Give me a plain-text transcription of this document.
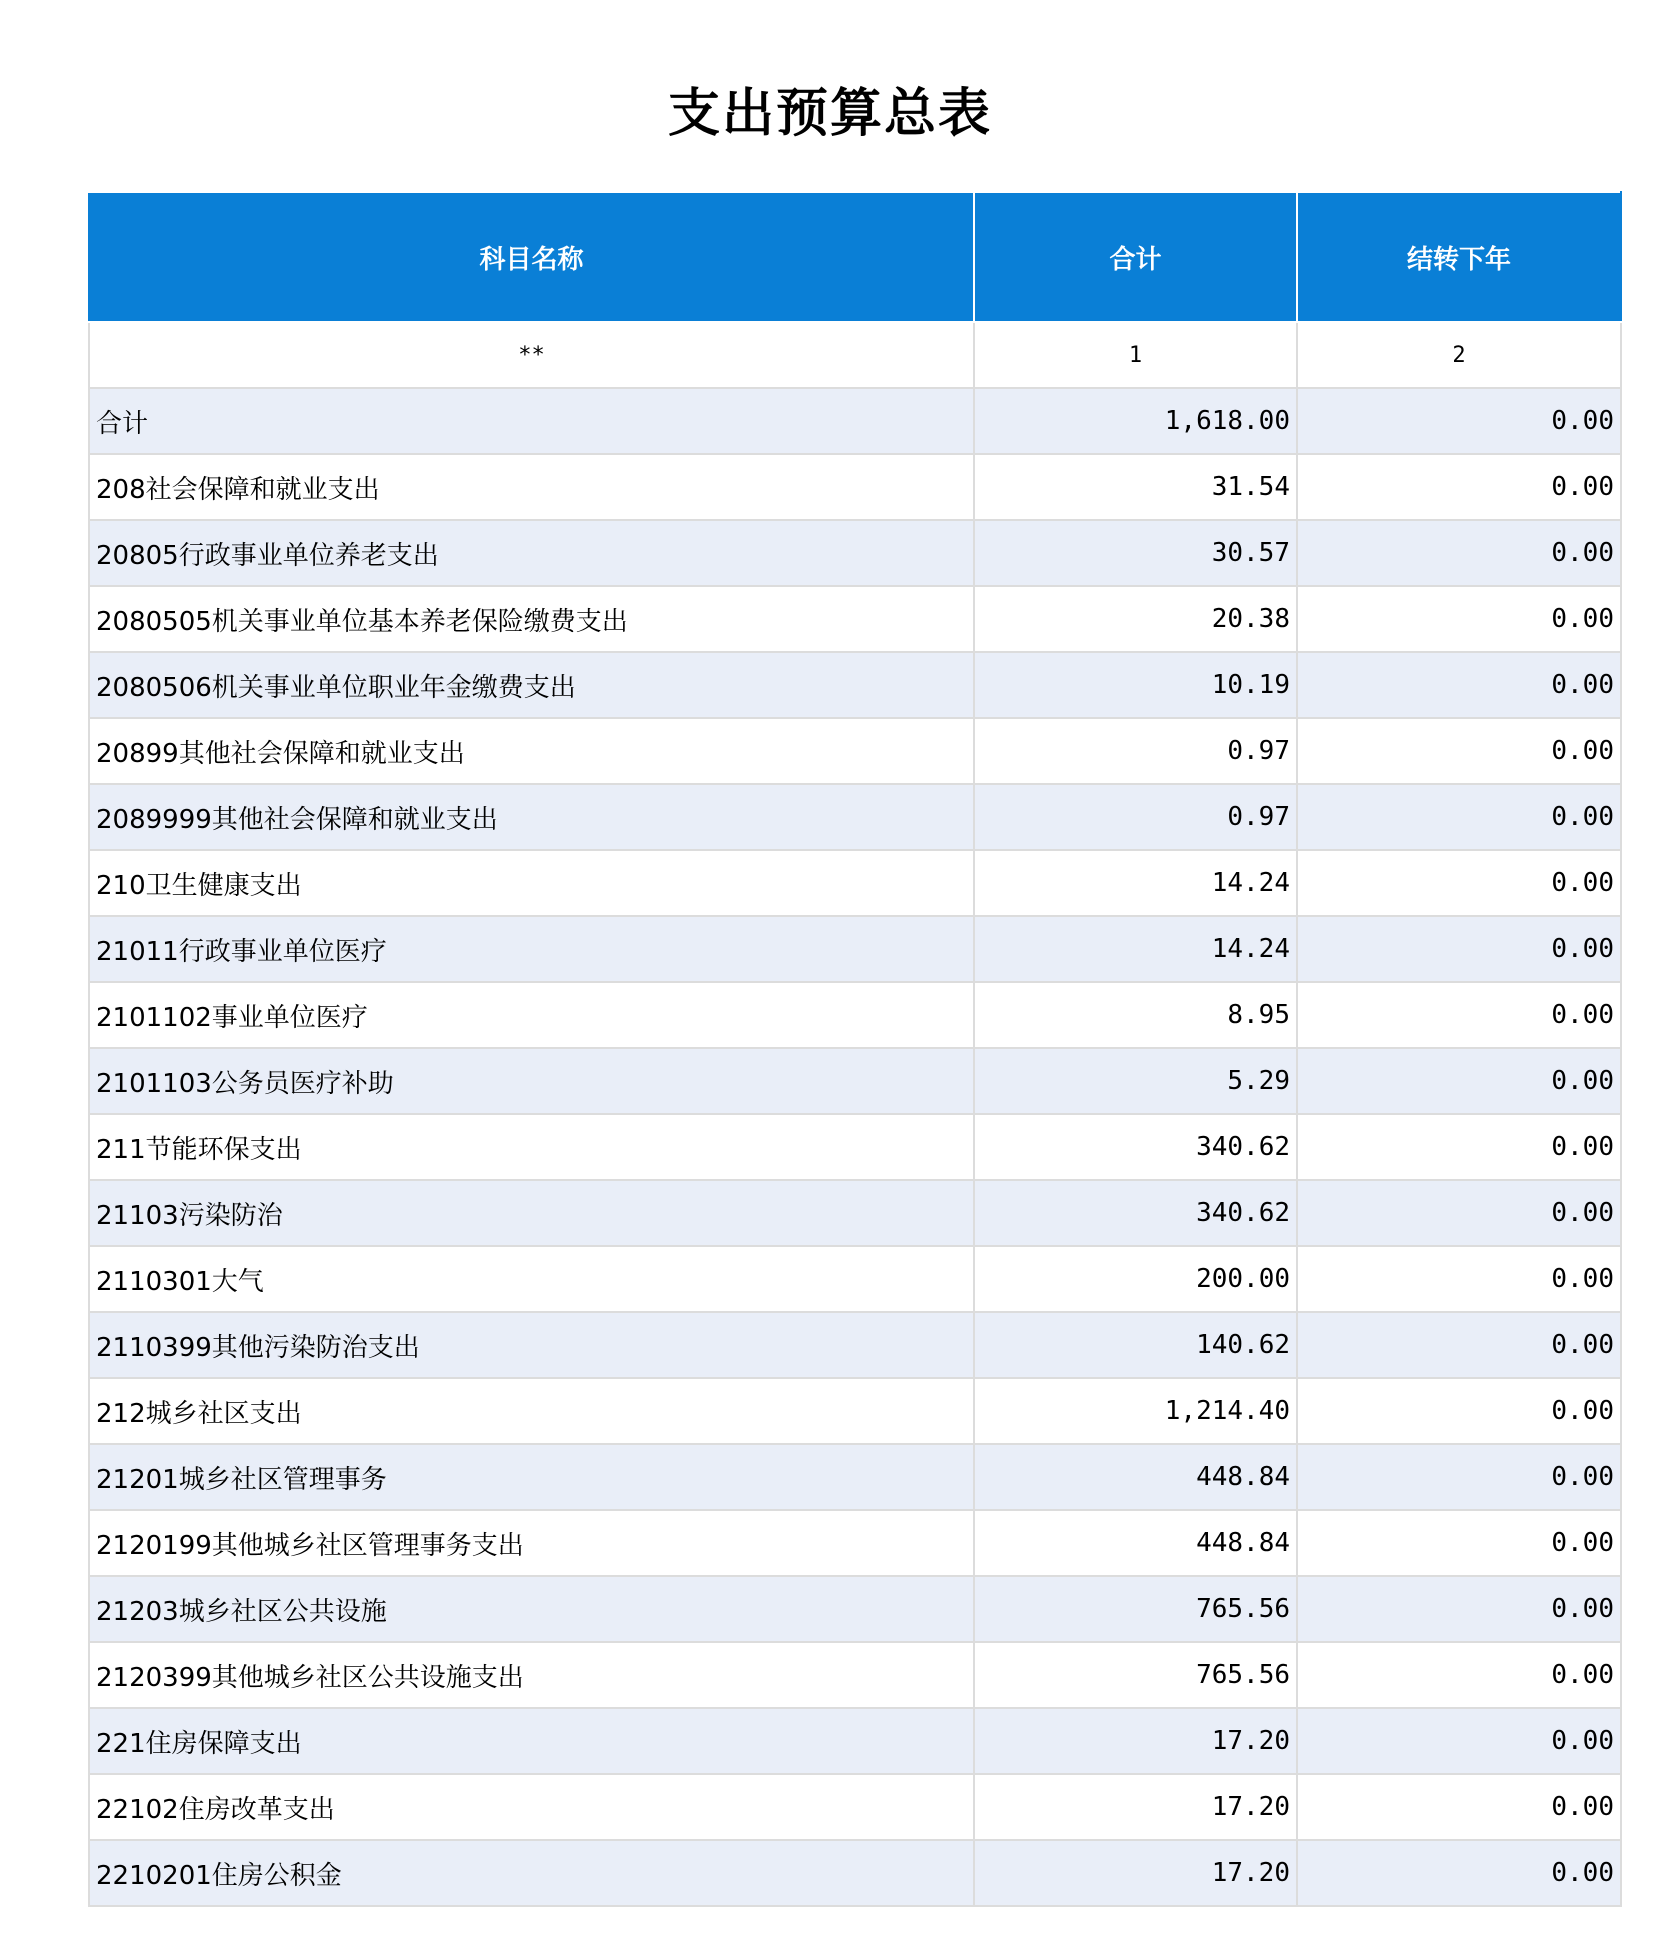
支出预算总表
科目名称	合计	结转下年
**	1	2
合计	1,618.00	0.00
208社会保障和就业支出	31.54	0.00
20805行政事业单位养老支出	30.57	0.00
2080505机关事业单位基本养老保险缴费支出	20.38	0.00
2080506机关事业单位职业年金缴费支出	10.19	0.00
20899其他社会保障和就业支出	0.97	0.00
2089999其他社会保障和就业支出	0.97	0.00
210卫生健康支出	14.24	0.00
21011行政事业单位医疗	14.24	0.00
2101102事业单位医疗	8.95	0.00
2101103公务员医疗补助	5.29	0.00
211节能环保支出	340.62	0.00
21103污染防治	340.62	0.00
2110301大气	200.00	0.00
2110399其他污染防治支出	140.62	0.00
212城乡社区支出	1,214.40	0.00
21201城乡社区管理事务	448.84	0.00
2120199其他城乡社区管理事务支出	448.84	0.00
21203城乡社区公共设施	765.56	0.00
2120399其他城乡社区公共设施支出	765.56	0.00
221住房保障支出	17.20	0.00
22102住房改革支出	17.20	0.00
2210201住房公积金	17.20	0.00
